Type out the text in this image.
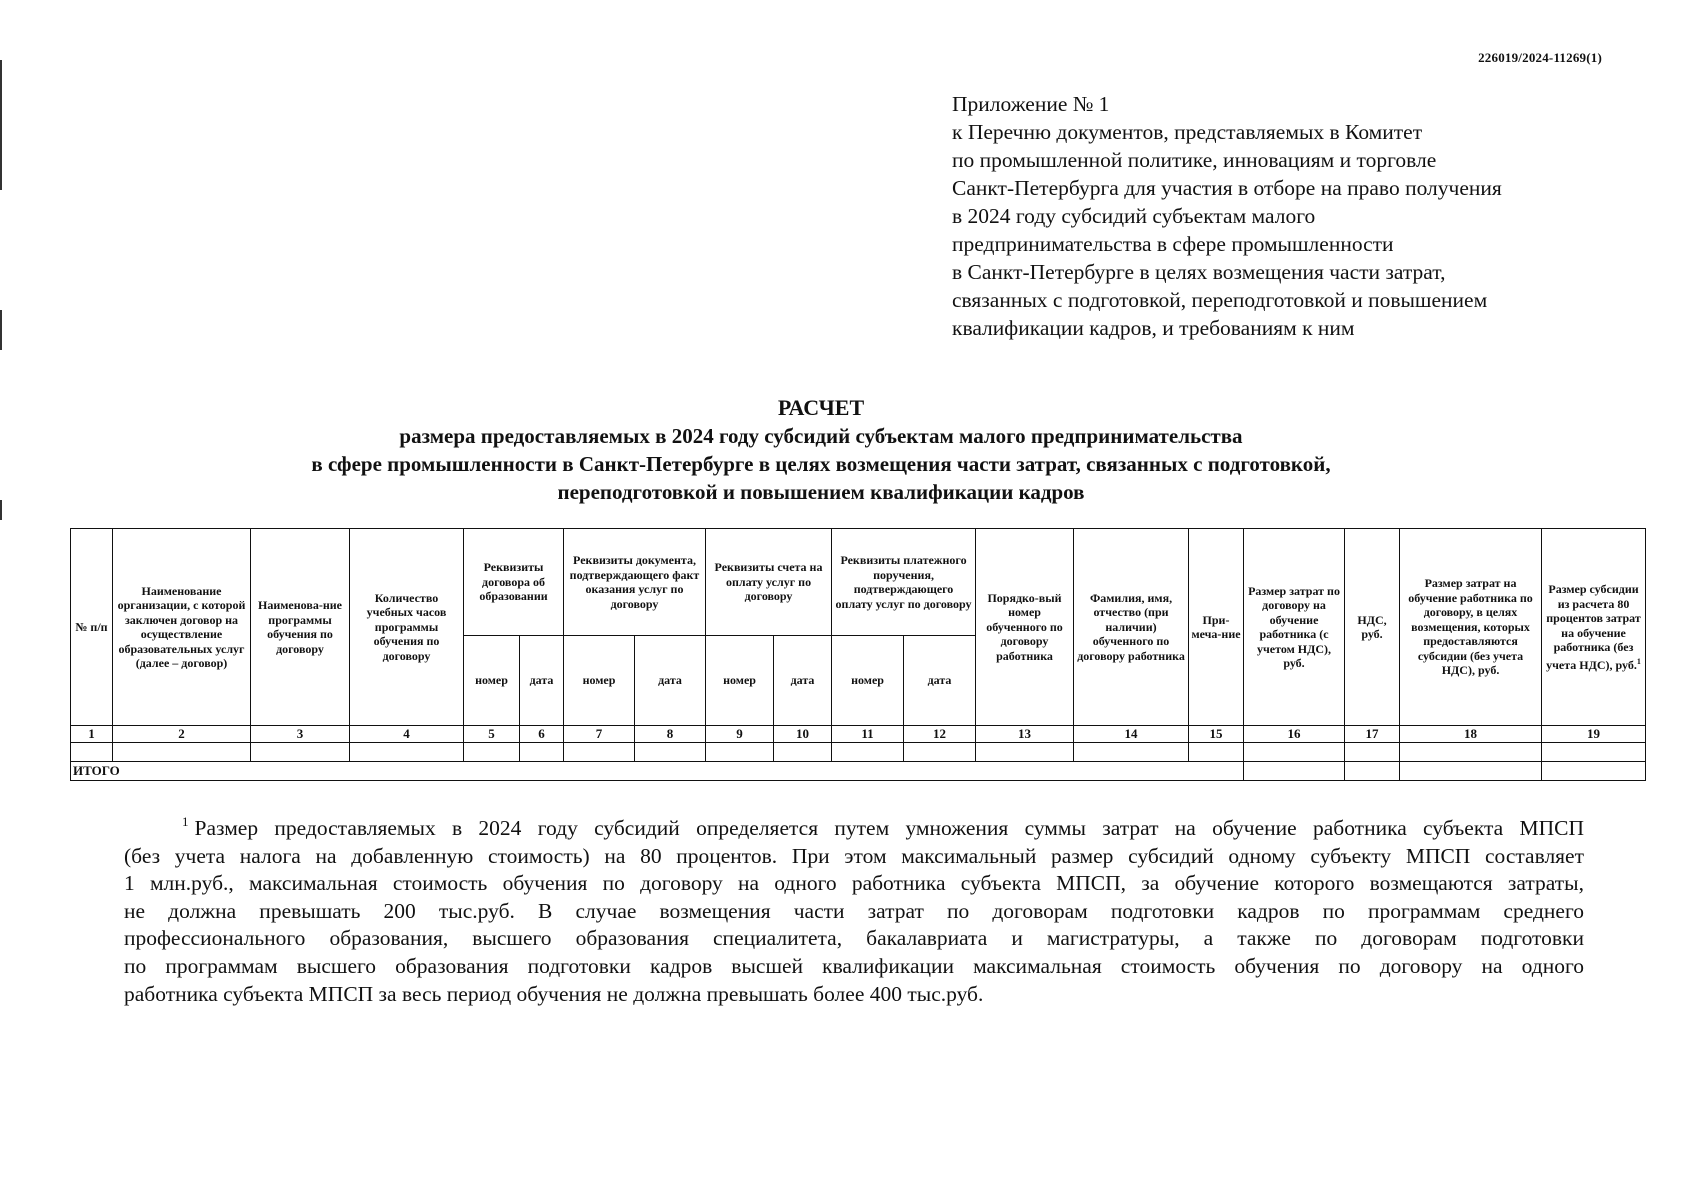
226019/2024-11269(1)
Приложение № 1
к Перечню документов, представляемых в Комитет
по промышленной политике, инновациям и торговле
Санкт-Петербурга для участия в отборе на право получения
в 2024 году субсидий субъектам малого
предпринимательства в сфере промышленности
в Санкт-Петербурге в целях возмещения части затрат,
связанных с подготовкой, переподготовкой и повышением
квалификации кадров, и требованиям к ним
РАСЧЕТ
размера предоставляемых в 2024 году субсидий субъектам малого предпринимательства
в сфере промышленности в Санкт-Петербурге в целях возмещения части затрат, связанных с подготовкой,
переподготовкой и повышением квалификации кадров
№ п/п	Наименование организации, с которой заключен договор на осуществление образовательных услуг (далее – договор)	Наименова-ние программы обучения по договору	Количество учебных часов программы обучения по договору	Реквизиты договора об образовании		Реквизиты документа, подтверждающего факт оказания услуг по договору		Реквизиты счета на оплату услуг по договору		Реквизиты платежного поручения, подтверждающего оплату услуг по договору		Порядко-вый номер обученного по договору работника	Фамилия, имя, отчество (при наличии) обученного по договору работника	При-меча-ние	Размер затрат по договору на обучение работника (с учетом НДС), руб.	НДС, руб.	Размер затрат на обучение работника по договору, в целях возмещения, которых предоставляются субсидии (без учета НДС), руб.	Размер субсидии из расчета 80 процентов затрат на обучение работника (без учета НДС), руб.$^1$
				номер	дата	номер	дата	номер	дата	номер	дата							
1	2	3	4	5	6	7	8	9	10	11	12	13	14	15	16	17	18	19

ИТОГО																		
$^1$ Размер предоставляемых в 2024 году субсидий определяется путем умножения суммы затрат на обучение работника субъекта МПСП
(без учета налога на добавленную стоимость) на 80 процентов. При этом максимальный размер субсидий одному субъекту МПСП составляет
1 млн.руб., максимальная стоимость обучения по договору на одного работника субъекта МПСП, за обучение которого возмещаются затраты,
не должна превышать 200 тыс.руб. В случае возмещения части затрат по договорам подготовки кадров по программам среднего
профессионального образования, высшего образования специалитета, бакалавриата и магистратуры, а также по договорам подготовки
по программам высшего образования подготовки кадров высшей квалификации максимальная стоимость обучения по договору на одного
работника субъекта МПСП за весь период обучения не должна превышать более 400 тыс.руб.
